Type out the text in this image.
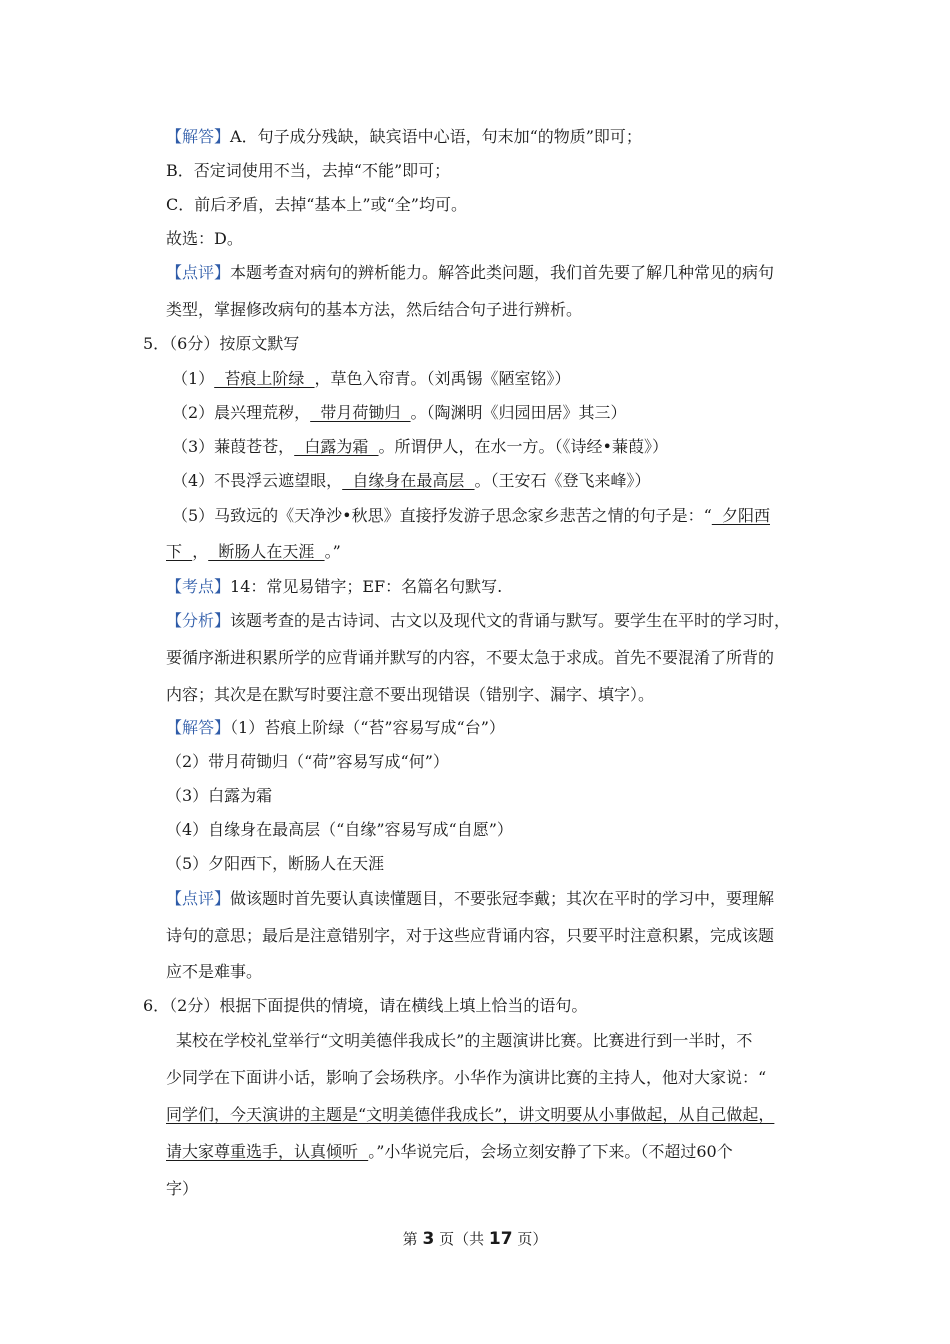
【解答】A．句子成分残缺，缺宾语中心语，句末加“的物质”即可；
B．否定词使用不当，去掉“不能”即可；
C．前后矛盾，去掉“基本上”或“全”均可。
故选：D。
【点评】本题考查对病句的辨析能力。解答此类问题，我们首先要了解几种常见的病句
类型，掌握修改病句的基本方法，然后结合句子进行辨析。
5．（6分）按原文默写
（1）  苔痕上阶绿  ，草色入帘青。（刘禹锡《陋室铭》）
（2）晨兴理荒秽，  带月荷锄归  。（陶渊明《归园田居》其三）
（3）蒹葭苍苍，  白露为霜  。所谓伊人，在水一方。（《诗经•蒹葭》）
（4）不畏浮云遮望眼，  自缘身在最高层  。（王安石《登飞来峰》）
（5）马致远的《天净沙•秋思》直接抒发游子思念家乡悲苦之情的句子是：“  夕阳西
下  ，  断肠人在天涯  。”
【考点】14：常见易错字；EF：名篇名句默写.
【分析】该题考查的是古诗词、古文以及现代文的背诵与默写。要学生在平时的学习时，
要循序渐进积累所学的应背诵并默写的内容，不要太急于求成。首先不要混淆了所背的
内容；其次是在默写时要注意不要出现错误（错别字、漏字、填字）。
【解答】（1）苔痕上阶绿（“苔”容易写成“台”）
（2）带月荷锄归（“荷”容易写成“何”）
（3）白露为霜
（4）自缘身在最高层（“自缘”容易写成“自愿”）
（5）夕阳西下，断肠人在天涯
【点评】做该题时首先要认真读懂题目，不要张冠李戴；其次在平时的学习中，要理解
诗句的意思；最后是注意错别字，对于这些应背诵内容，只要平时注意积累，完成该题
应不是难事。
6．（2分）根据下面提供的情境，请在横线上填上恰当的语句。
某校在学校礼堂举行“文明美德伴我成长”的主题演讲比赛。比赛进行到一半时，不
少同学在下面讲小话，影响了会场秩序。小华作为演讲比赛的主持人，他对大家说：“
同学们，今天演讲的主题是“文明美德伴我成长”，讲文明要从小事做起，从自己做起，
请大家尊重选手，认真倾听  。”小华说完后，会场立刻安静了下来。（不超过60个
字）
第 3 页（共 17 页）
